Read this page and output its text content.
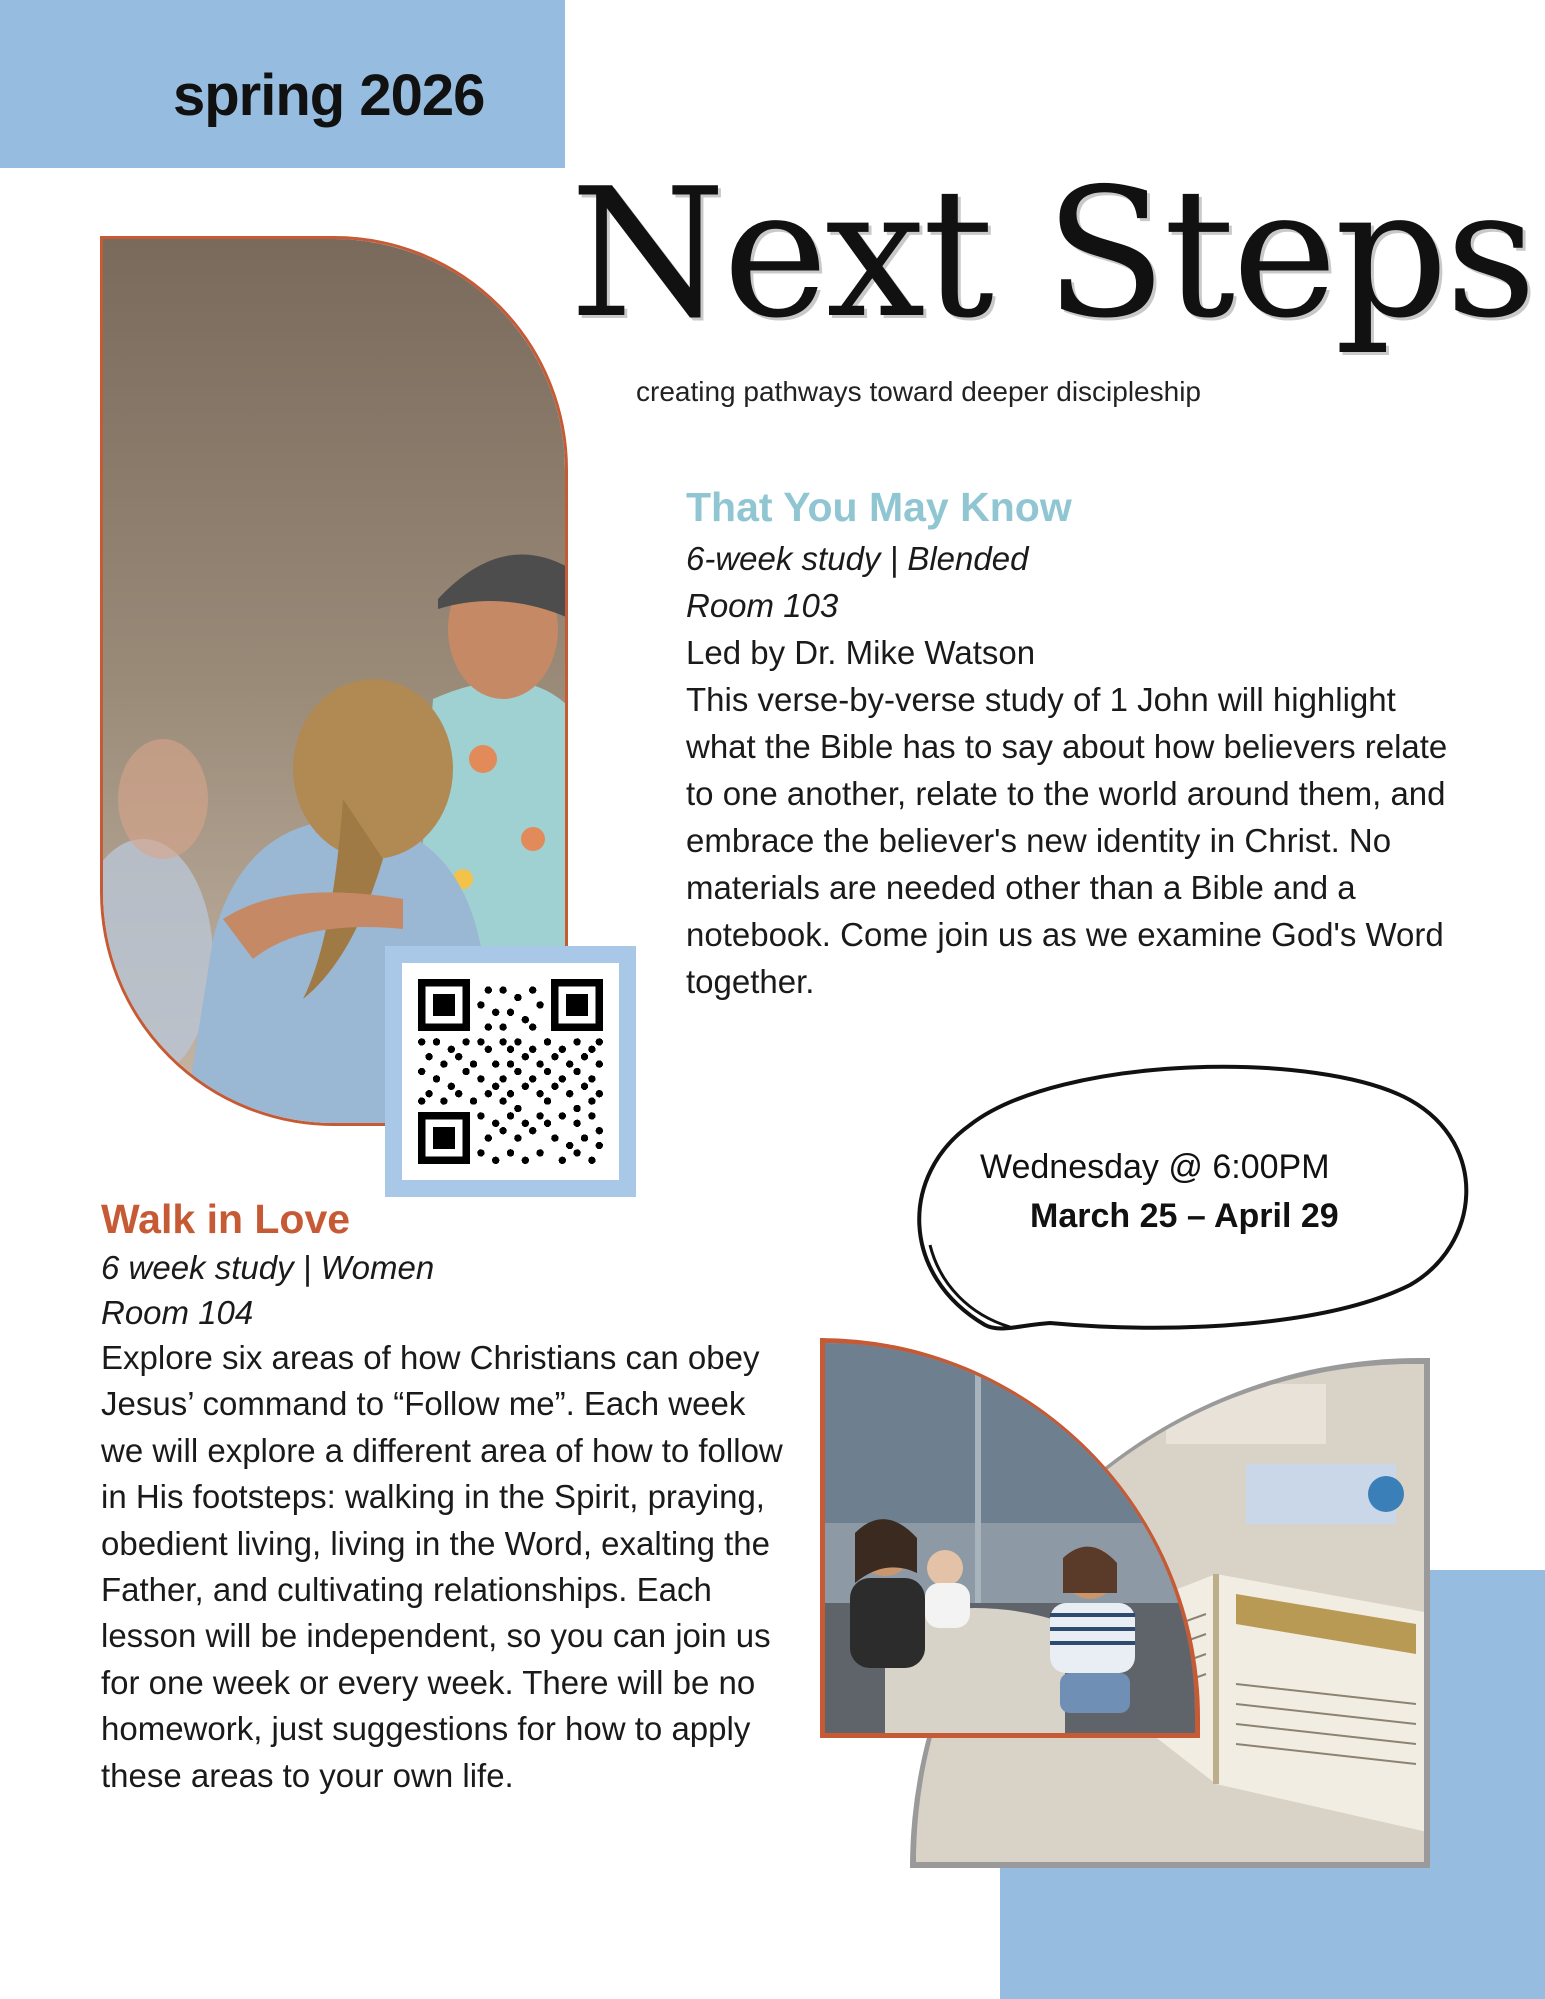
spring 2026
Next Steps
creating pathways toward deeper discipleship
That You May Know
6-week study | Blended
Room 103
Led by Dr. Mike Watson
This verse-by-verse study of 1 John will highlight what the Bible has to say about how believers relate to one another, relate to the world around them, and embrace the believer's new identity in Christ. No materials are needed other than a Bible and a notebook. Come join us as we examine God's Word together.
Wednesday @ 6:00PM
March 25 – April 29
Walk in Love
6 week study | Women
Room 104
Explore six areas of how Christians can obey Jesus’ command to “Follow me”. Each week we will explore a different area of how to follow in His footsteps: walking in the Spirit, praying, obedient living, living in the Word, exalting the Father, and cultivating relationships. Each lesson will be independent, so you can join us for one week or every week. There will be no homework, just suggestions for how to apply these areas to your own life.
